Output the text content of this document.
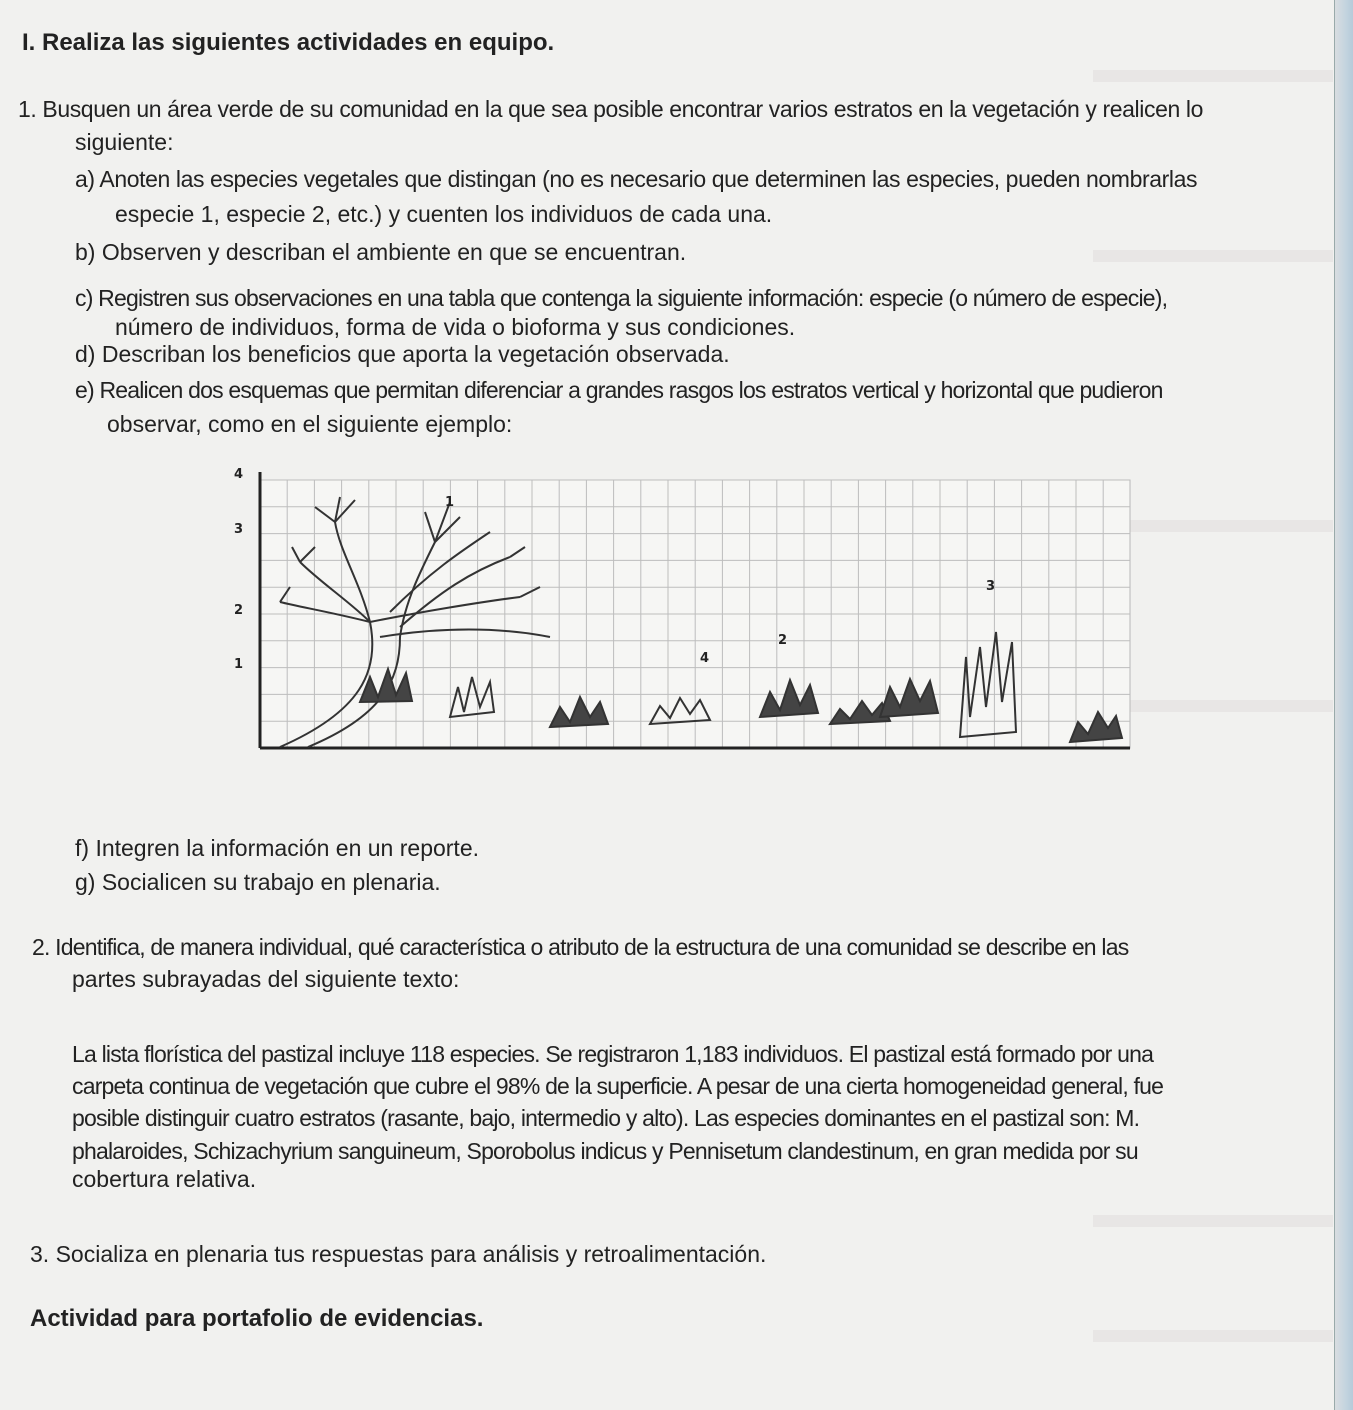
I. Realiza las siguientes actividades en equipo.

1. Busquen un área verde de su comunidad en la que sea posible encontrar varios estratos en la vegetación y realicen lo

siguiente:

a) Anoten las especies vegetales que distingan (no es necesario que determinen las especies, pueden nombrarlas

especie 1, especie 2, etc.) y cuenten los individuos de cada una.

b) Observen y describan el ambiente en que se encuentran.

c) Registren sus observaciones en una tabla que contenga la siguiente información: especie (o número de especie),

número de individuos, forma de vida o bioforma y sus condiciones.

d) Describan los beneficios que aporta la vegetación observada.

e) Realicen dos esquemas que permitan diferenciar a grandes rasgos los estratos vertical y horizontal que pudieron

observar, como en el siguiente ejemplo:

4
3
2
1
1
3
2
4

f) Integren la información en un reporte.

g) Socialicen su trabajo en plenaria.

2. Identifica, de manera individual, qué característica o atributo de la estructura de una comunidad se describe en las

partes subrayadas del siguiente texto:

La lista florística del pastizal incluye 118 especies. Se registraron 1,183 individuos. El pastizal está formado por una

carpeta continua de vegetación que cubre el 98% de la superficie. A pesar de una cierta homogeneidad general, fue

posible distinguir cuatro estratos (rasante, bajo, intermedio y alto). Las especies dominantes en el pastizal son: M.

phalaroides, Schizachyrium sanguineum, Sporobolus indicus y Pennisetum clandestinum, en gran medida por su

cobertura relativa.

3. Socializa en plenaria tus respuestas para análisis y retroalimentación.

Actividad para portafolio de evidencias.
